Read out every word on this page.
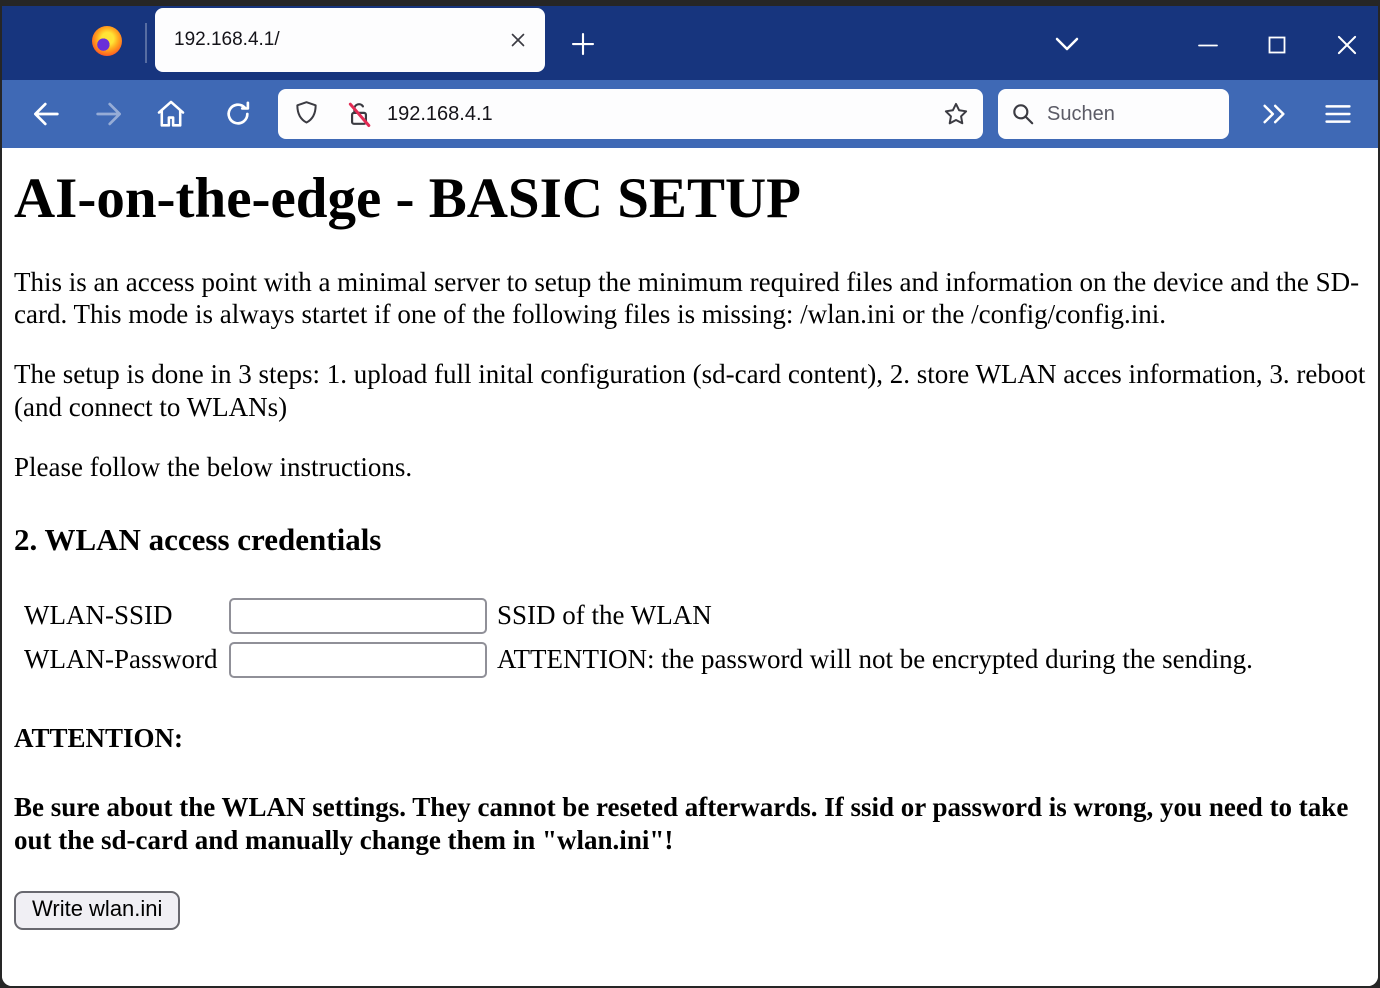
192.168.4.1/
192.168.4.1	Suchen
AI-on-the-edge - BASIC SETUP

This is an access point with a minimal server to setup the minimum required files and information on the device and the SD-card. This mode is always startet if one of the following files is missing: /wlan.ini or the /config/config.ini.

The setup is done in 3 steps: 1. upload full inital configuration (sd-card content), 2. store WLAN acces information, 3. reboot (and connect to WLANs)

Please follow the below instructions.

2. WLAN access credentials
WLAN-SSID		SSID of the WLAN
WLAN-Password		ATTENTION: the password will not be encrypted during the sending.

ATTENTION:

Be sure about the WLAN settings. They cannot be reseted afterwards. If ssid or password is wrong, you need to take out the sd-card and manually change them in "wlan.ini"!

Write wlan.ini
